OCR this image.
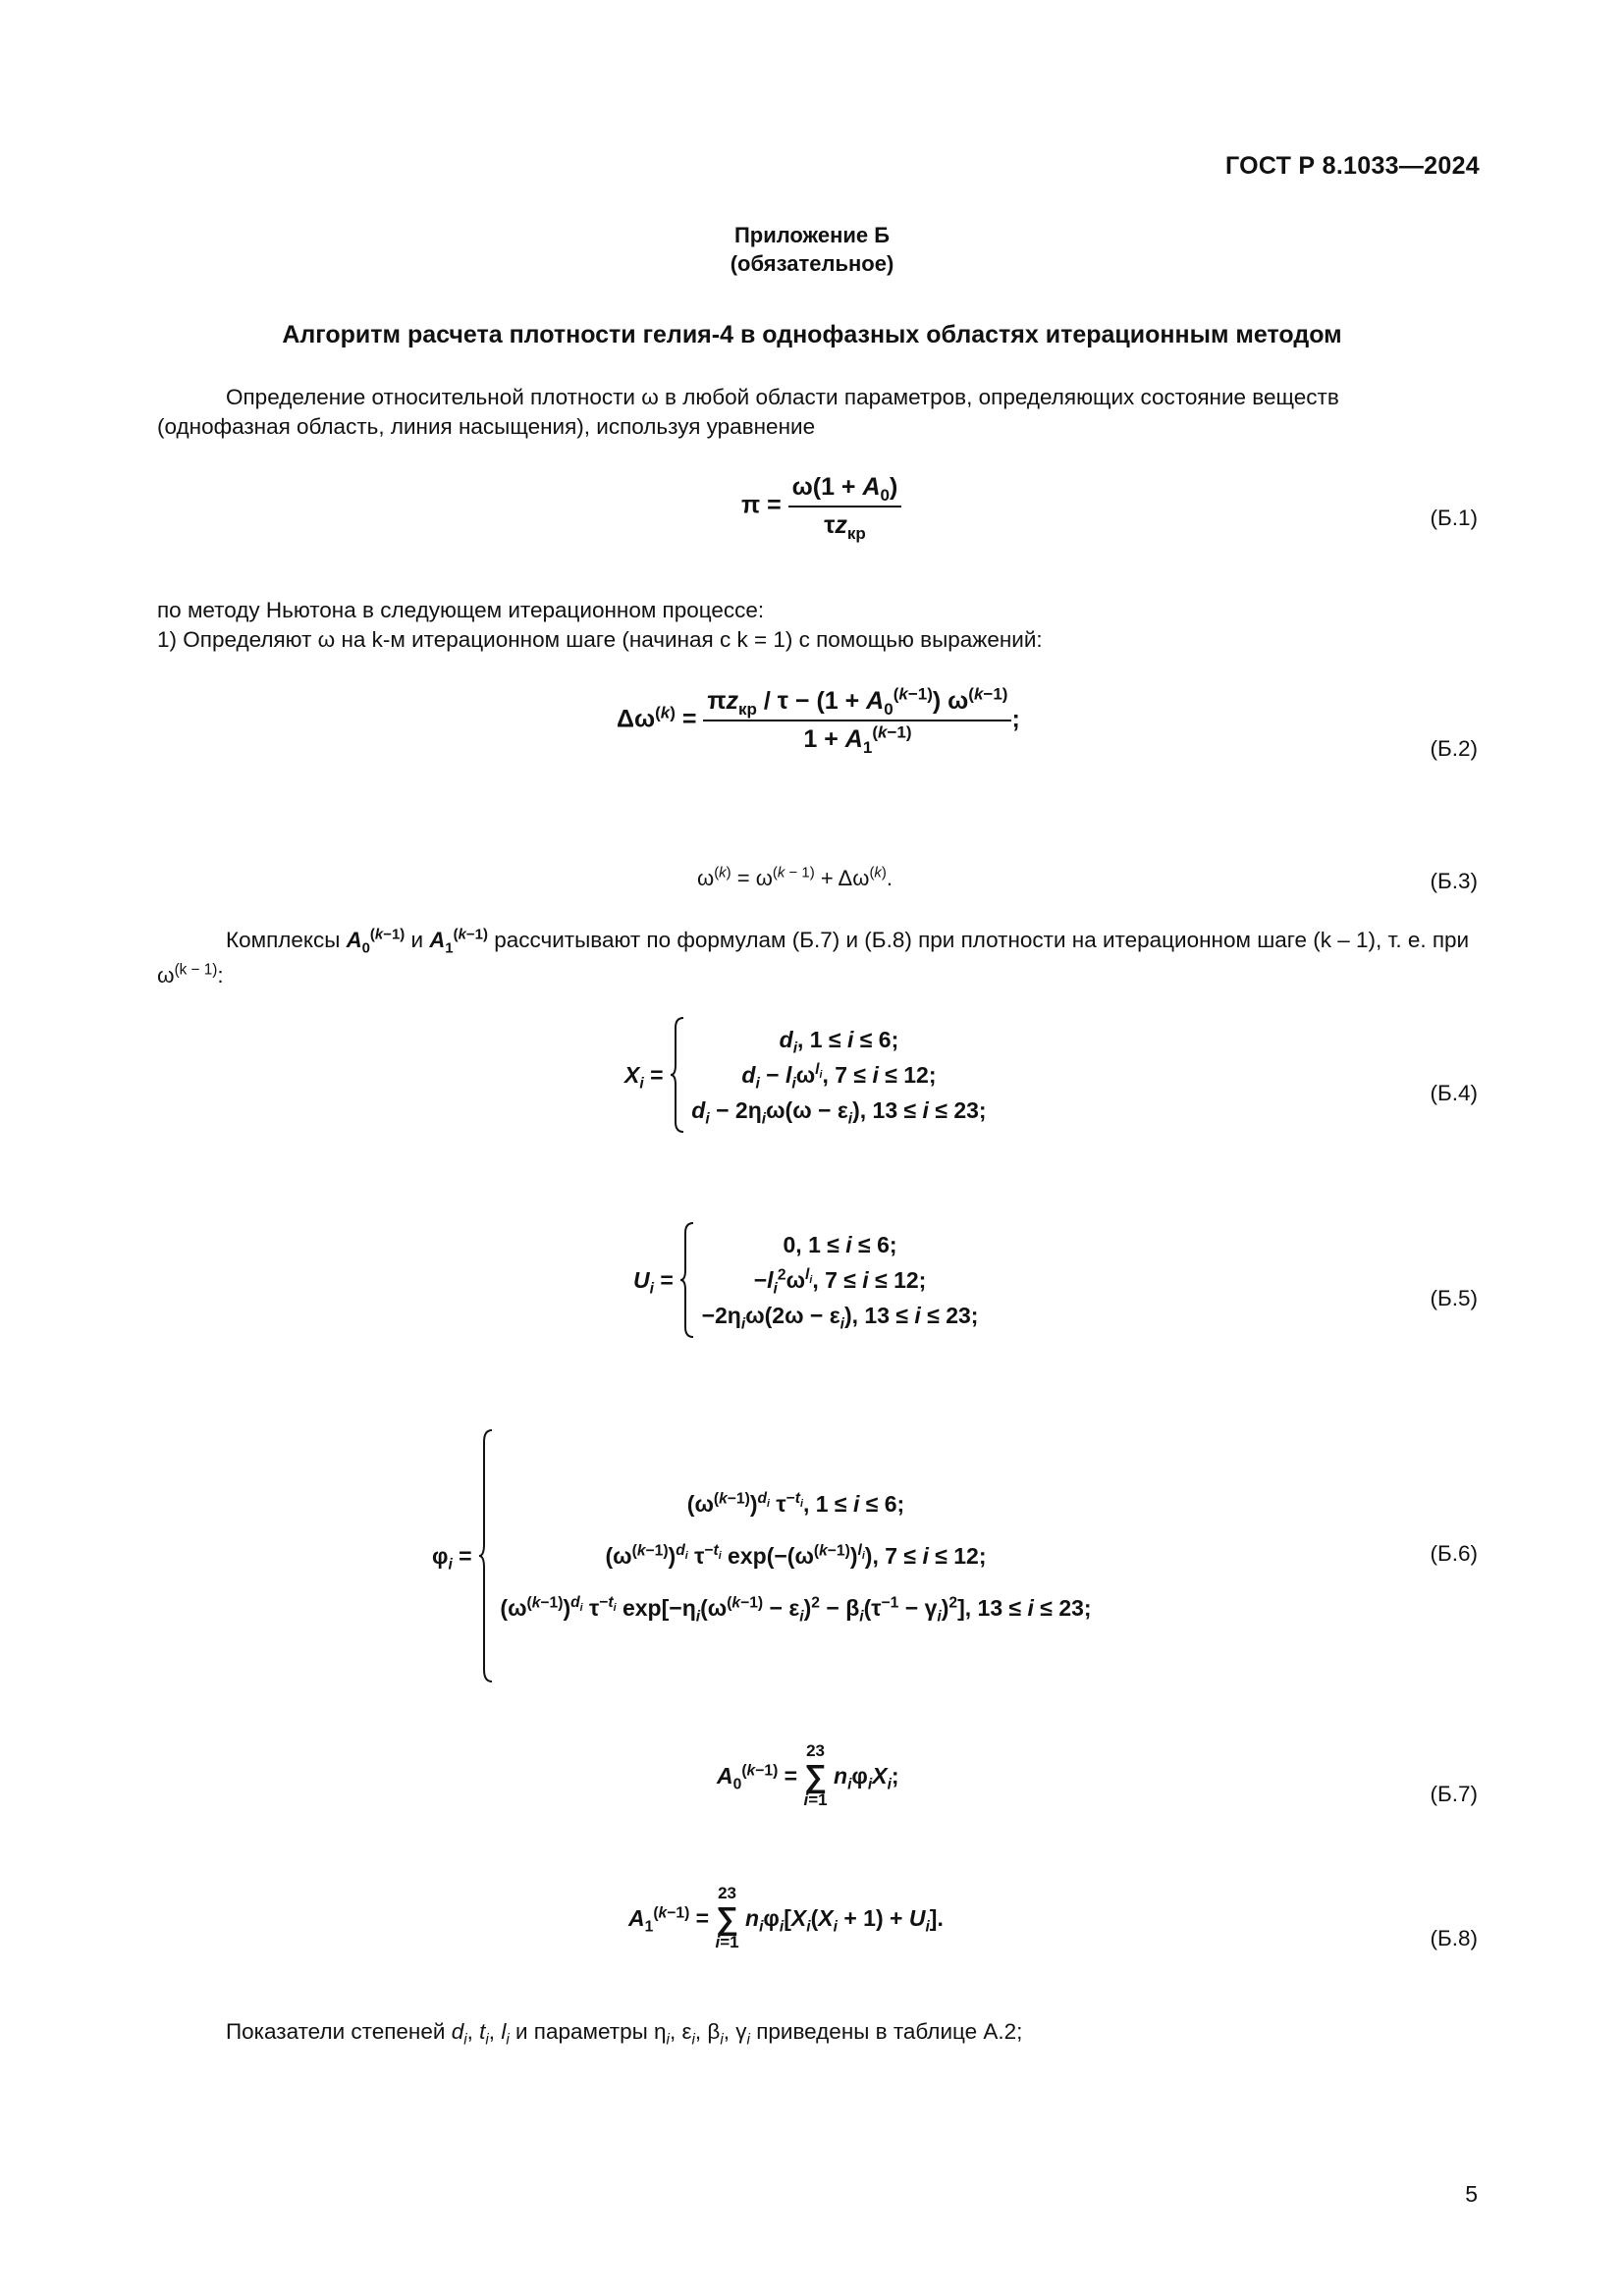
ГОСТ Р 8.1033—2024
Приложение Б
(обязательное)
Алгоритм расчета плотности гелия-4 в однофазных областях итерационным методом
Определение относительной плотности ω в любой области параметров, определяющих состояние веществ (однофазная область, линия насыщения), используя уравнение
$\pi = \frac{\omega(1 + A_0)}{\tau z_{кр}}$	(Б.1)
по методу Ньютона в следующем итерационном процессе:
1) Определяют ω на k-м итерационном шаге (начиная с k = 1) с помощью выражений:
$\Delta\omega^{(k)} = \frac{\pi z_{кр} / \tau - (1 + A_0^{(k-1)}) \omega^{(k-1)}}{1 + A_1^{(k-1)}}$ ;
(Б.2)
$\omega^{(k)} = \omega^{(k - 1)} + \Delta\omega^{(k)}$.	(Б.3)
Комплексы $A_0^{(k-1)}$ и $A_1^{(k-1)}$ рассчитывают по формулам (Б.7) и (Б.8) при плотности на итерационном шаге (k – 1), т. е. при $\omega^{(k - 1)}$:
$X_i$ =
$d_i$, 1 ≤ i ≤ 6;
$d_i - l_i\omega^{l_i}$, 7 ≤ i ≤ 12;
$d_i - 2\eta_i\omega(\omega - \varepsilon_i)$, 13 ≤ i ≤ 23;
(Б.4)
$U_i$ =
0, 1 ≤ i ≤ 6;
$-l_i^2\omega^{l_i}$, 7 ≤ i ≤ 12;
$-2\eta_i\omega(2\omega - \varepsilon_i)$, 13 ≤ i ≤ 23;
(Б.5)
$\varphi_i$ =
$(\omega^{(k-1)})^{d_i}$ $\tau^{-t_i}$, 1 ≤ i ≤ 6;
$(\omega^{(k-1)})^{d_i}$ $\tau^{-t_i}$ $\exp(-(\omega^{(k-1)})^{l_i})$, 7 ≤ i ≤ 12;
$(\omega^{(k-1)})^{d_i}$ $\tau^{-t_i}$ $\exp[-\eta_i(\omega^{(k-1)} - \varepsilon_i)^2 - \beta_i(\tau^{-1} - \gamma_i)^2]$, 13 ≤ i ≤ 23;
(Б.6)
$A_0^{(k-1)}$ =
23
∑
i=1
$n_i\varphi_iX_i$;
(Б.7)
$A_1^{(k-1)}$ =
23
∑
i=1
$n_i\varphi_i[X_i(X_i + 1) + U_i]$.
(Б.8)
Показатели степеней $d_i$, $t_i$, $l_i$ и параметры $\eta_i$, $\varepsilon_i$, $\beta_i$, $\gamma_i$ приведены в таблице А.2;
5
